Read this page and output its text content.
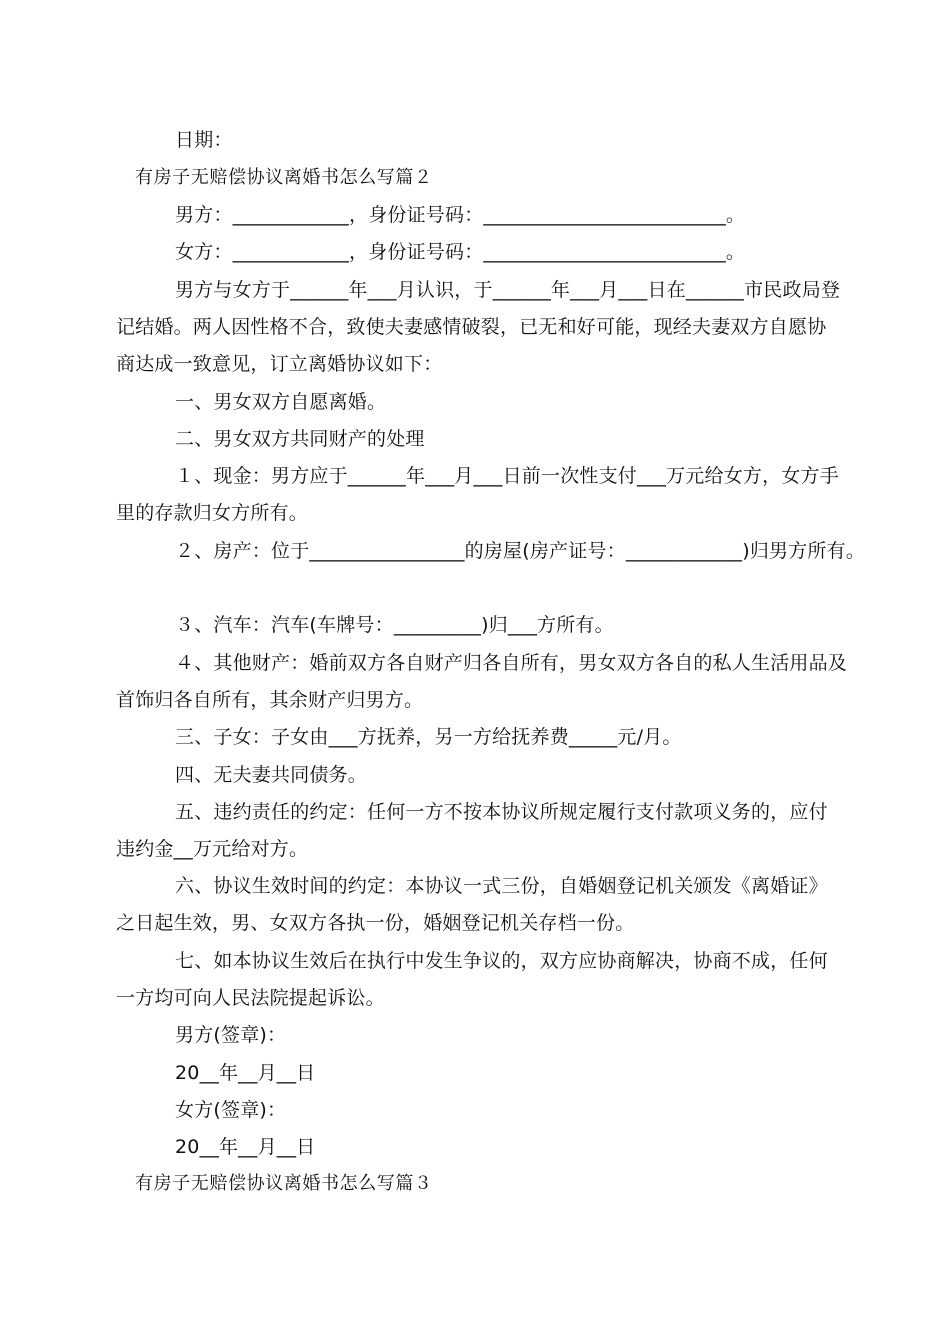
日期：
有房子无赔偿协议离婚书怎么写篇２
男方：____________，身份证号码：_________________________。
女方：____________，身份证号码：_________________________。
男方与女方于______年___月认识，于______年___月___日在______市民政局登
记结婚。两人因性格不合，致使夫妻感情破裂，已无和好可能，现经夫妻双方自愿协
商达成一致意见，订立离婚协议如下：
一、男女双方自愿离婚。
二、男女双方共同财产的处理
１、现金：男方应于______年___月___日前一次性支付___万元给女方，女方手
里的存款归女方所有。
２、房产：位于________________的房屋(房产证号：____________)归男方所有。
３、汽车：汽车(车牌号：_________)归___方所有。
４、其他财产：婚前双方各自财产归各自所有，男女双方各自的私人生活用品及
首饰归各自所有，其余财产归男方。
三、子女：子女由___方抚养，另一方给抚养费_____元/月。
四、无夫妻共同债务。
五、违约责任的约定：任何一方不按本协议所规定履行支付款项义务的，应付
违约金__万元给对方。
六、协议生效时间的约定：本协议一式三份，自婚姻登记机关颁发《离婚证》
之日起生效，男、女双方各执一份，婚姻登记机关存档一份。
七、如本协议生效后在执行中发生争议的，双方应协商解决，协商不成，任何
一方均可向人民法院提起诉讼。
男方(签章)：
20__年__月__日
女方(签章)：
20__年__月__日
有房子无赔偿协议离婚书怎么写篇３
